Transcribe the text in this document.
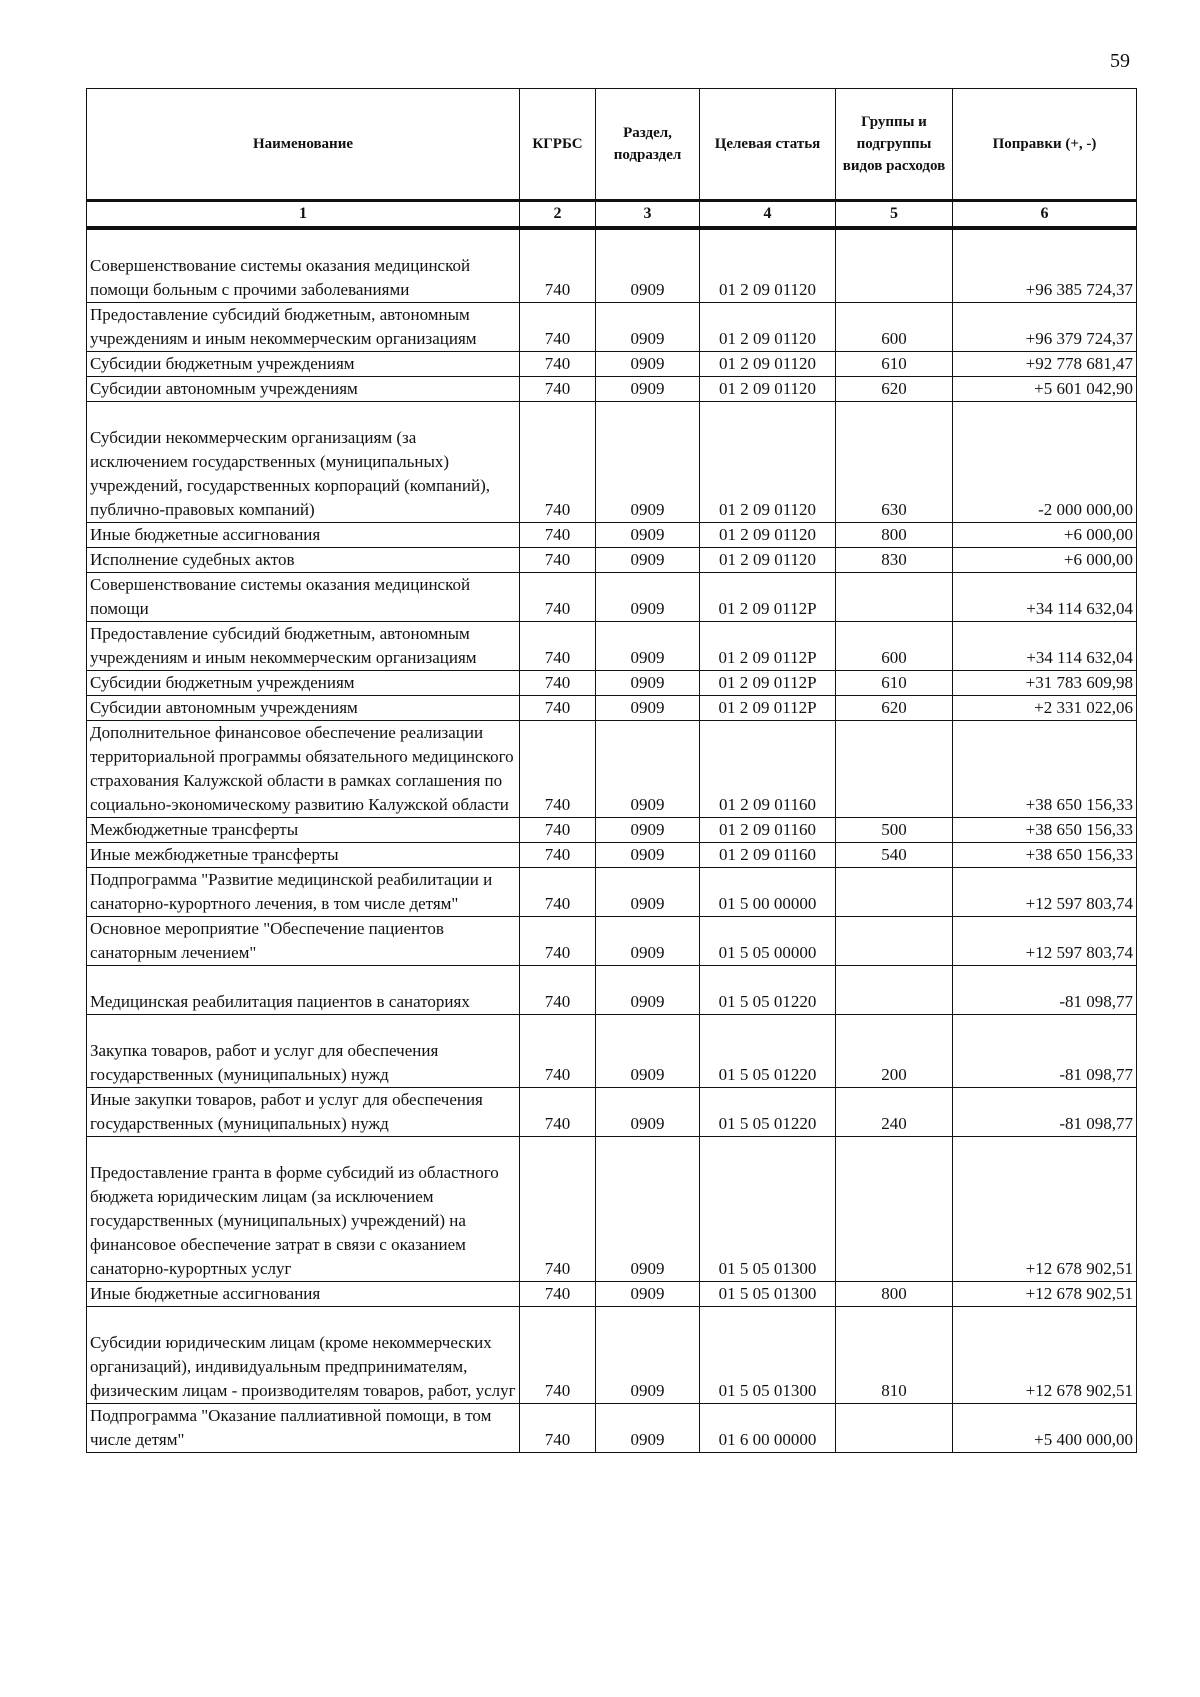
59
Наименование	КГРБС	Раздел, подраздел	Целевая статья	Группы и подгруппы видов расходов	Поправки (+, -)
1	2	3	4	5	6

Совершенствование системы оказания медицинской помощи больным с прочими заболеваниями	740	0909	01 2 09 01120		+96 385 724,37
Предоставление субсидий бюджетным, автономным учреждениям и иным некоммерческим организациям	740	0909	01 2 09 01120	600	+96 379 724,37
Субсидии бюджетным учреждениям	740	0909	01 2 09 01120	610	+92 778 681,47
Субсидии автономным учреждениям	740	0909	01 2 09 01120	620	+5 601 042,90

Субсидии некоммерческим организациям (за исключением государственных (муниципальных) учреждений, государственных корпораций (компаний), публично-правовых компаний)	740	0909	01 2 09 01120	630	-2 000 000,00
Иные бюджетные ассигнования	740	0909	01 2 09 01120	800	+6 000,00
Исполнение судебных актов	740	0909	01 2 09 01120	830	+6 000,00
Совершенствование системы оказания медицинской помощи	740	0909	01 2 09 0112Р		+34 114 632,04
Предоставление субсидий бюджетным, автономным учреждениям и иным некоммерческим организациям	740	0909	01 2 09 0112Р	600	+34 114 632,04
Субсидии бюджетным учреждениям	740	0909	01 2 09 0112Р	610	+31 783 609,98
Субсидии автономным учреждениям	740	0909	01 2 09 0112Р	620	+2 331 022,06
Дополнительное финансовое обеспечение реализации территориальной программы обязательного медицинского страхования Калужской области в рамках соглашения по социально-экономическому развитию Калужской области	740	0909	01 2 09 01160		+38 650 156,33
Межбюджетные трансферты	740	0909	01 2 09 01160	500	+38 650 156,33
Иные межбюджетные трансферты	740	0909	01 2 09 01160	540	+38 650 156,33
Подпрограмма "Развитие медицинской реабилитации и санаторно-курортного лечения, в том числе детям"	740	0909	01 5 00 00000		+12 597 803,74
Основное мероприятие "Обеспечение пациентов санаторным лечением"	740	0909	01 5 05 00000		+12 597 803,74

Медицинская реабилитация пациентов в санаториях	740	0909	01 5 05 01220		-81 098,77

Закупка товаров, работ и услуг для обеспечения государственных (муниципальных) нужд	740	0909	01 5 05 01220	200	-81 098,77
Иные закупки товаров, работ и услуг для обеспечения государственных (муниципальных) нужд	740	0909	01 5 05 01220	240	-81 098,77

Предоставление гранта в форме субсидий из областного бюджета юридическим лицам (за исключением государственных (муниципальных) учреждений) на финансовое обеспечение затрат в связи с оказанием санаторно-курортных услуг	740	0909	01 5 05 01300		+12 678 902,51
Иные бюджетные ассигнования	740	0909	01 5 05 01300	800	+12 678 902,51

Субсидии юридическим лицам (кроме некоммерческих организаций), индивидуальным предпринимателям, физическим лицам - производителям товаров, работ, услуг	740	0909	01 5 05 01300	810	+12 678 902,51
Подпрограмма "Оказание паллиативной помощи, в том числе детям"	740	0909	01 6 00 00000		+5 400 000,00
